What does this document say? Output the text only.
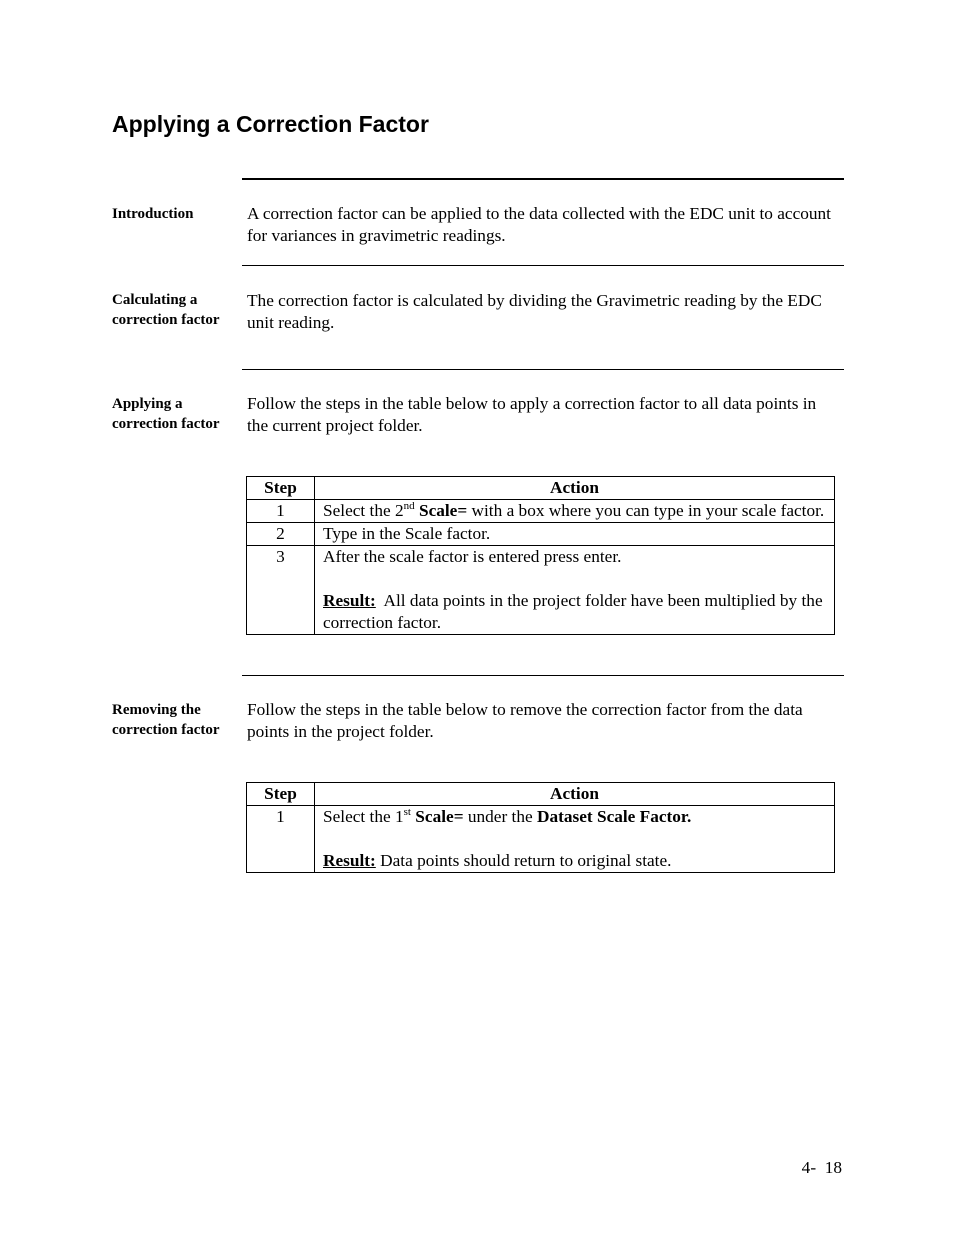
Applying a Correction Factor
Introduction	A correction factor can be applied to the data collected with the EDC unit to account for variances in gravimetric readings.
Calculating a correction factor
The correction factor is calculated by dividing the Gravimetric reading by the EDC unit reading.
Applying a correction factor
Follow the steps in the table below to apply a correction factor to all data points in the current project folder.
Step	Action
1	Select the 2nd Scale= with a box where you can type in your scale factor.
2	Type in the Scale factor.
3	After the scale factor is entered press enter.
Result:  All data points in the project folder have been multiplied by the correction factor.
Removing the correction factor
Follow the steps in the table below to remove the correction factor from the data points in the project folder.
Step	Action
1	Select the 1st Scale= under the Dataset Scale Factor.
Result: Data points should return to original state.
4-  18
